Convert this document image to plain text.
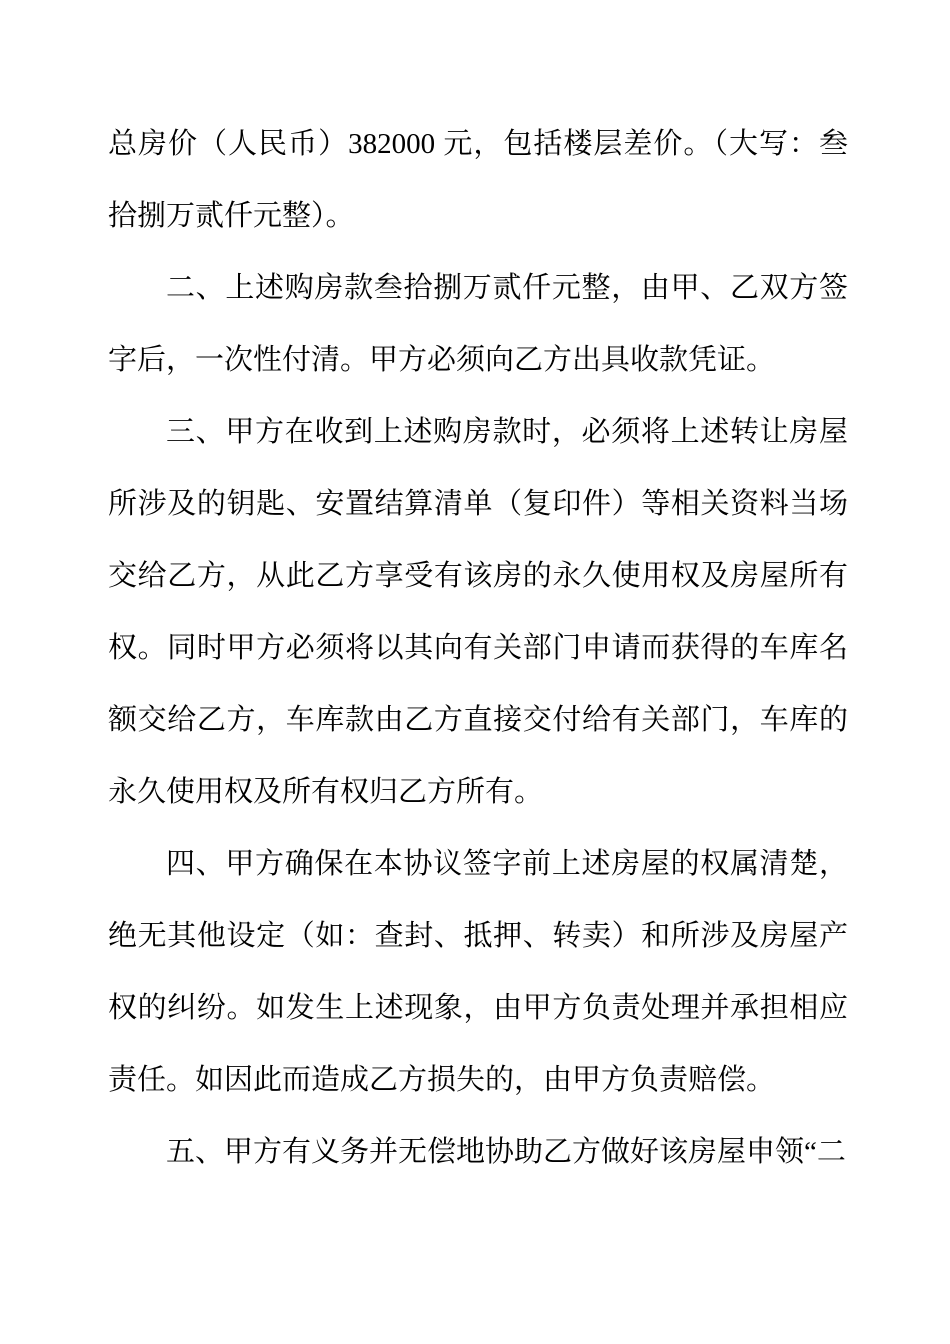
总房价（人民币）382000 元，包括楼层差价。（大写：叁拾捌万贰仟元整）。

二、上述购房款叁拾捌万贰仟元整，由甲、乙双方签字后，一次性付清。甲方必须向乙方出具收款凭证。

三、甲方在收到上述购房款时，必须将上述转让房屋所涉及的钥匙、安置结算清单（复印件）等相关资料当场交给乙方，从此乙方享受有该房的永久使用权及房屋所有权。同时甲方必须将以其向有关部门申请而获得的车库名额交给乙方，车库款由乙方直接交付给有关部门，车库的永久使用权及所有权归乙方所有。

四、甲方确保在本协议签字前上述房屋的权属清楚，绝无其他设定（如：查封、抵押、转卖）和所涉及房屋产权的纠纷。如发生上述现象，由甲方负责处理并承担相应责任。如因此而造成乙方损失的，由甲方负责赔偿。

五、甲方有义务并无偿地协助乙方做好该房屋申领“二
